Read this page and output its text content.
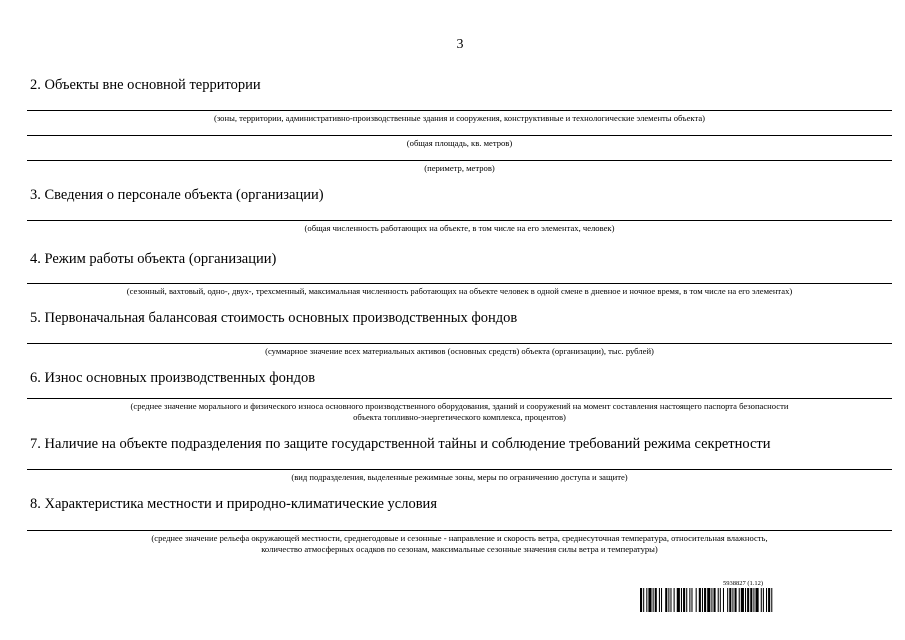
3
2. Объекты вне основной территории
(зоны, территории, административно-производственные здания и сооружения, конструктивные и технологические элементы объекта)
(общая площадь, кв. метров)
(периметр, метров)
3. Сведения о персонале объекта (организации)
(общая численность работающих на объекте, в том числе на его элементах, человек)
4. Режим работы объекта (организации)
(сезонный, вахтовый, одно-, двух-, трехсменный, максимальная численность работающих на объекте человек в одной смене в дневное и ночное время, в том числе на его элементах)
5. Первоначальная балансовая стоимость основных производственных фондов
(суммарное значение всех материальных активов (основных средств) объекта (организации), тыс. рублей)
6. Износ основных производственных фондов
(среднее значение морального и физического износа основного производственного оборудования, зданий и сооружений на момент составления настоящего паспорта безопасности
объекта топливно-энергетического комплекса, процентов)
7. Наличие на объекте подразделения по защите государственной тайны и соблюдение требований режима секретности
(вид подразделения, выделенные режимные зоны, меры по ограничению доступа и защите)
8. Характеристика местности и природно-климатические условия
(среднее значение рельефа окружающей местности, среднегодовые и сезонные - направление и скорость ветра, среднесуточная температура, относительная влажность,
количество атмосферных осадков по сезонам, максимальные сезонные значения силы ветра и температуры)
5938827 (1.12)
